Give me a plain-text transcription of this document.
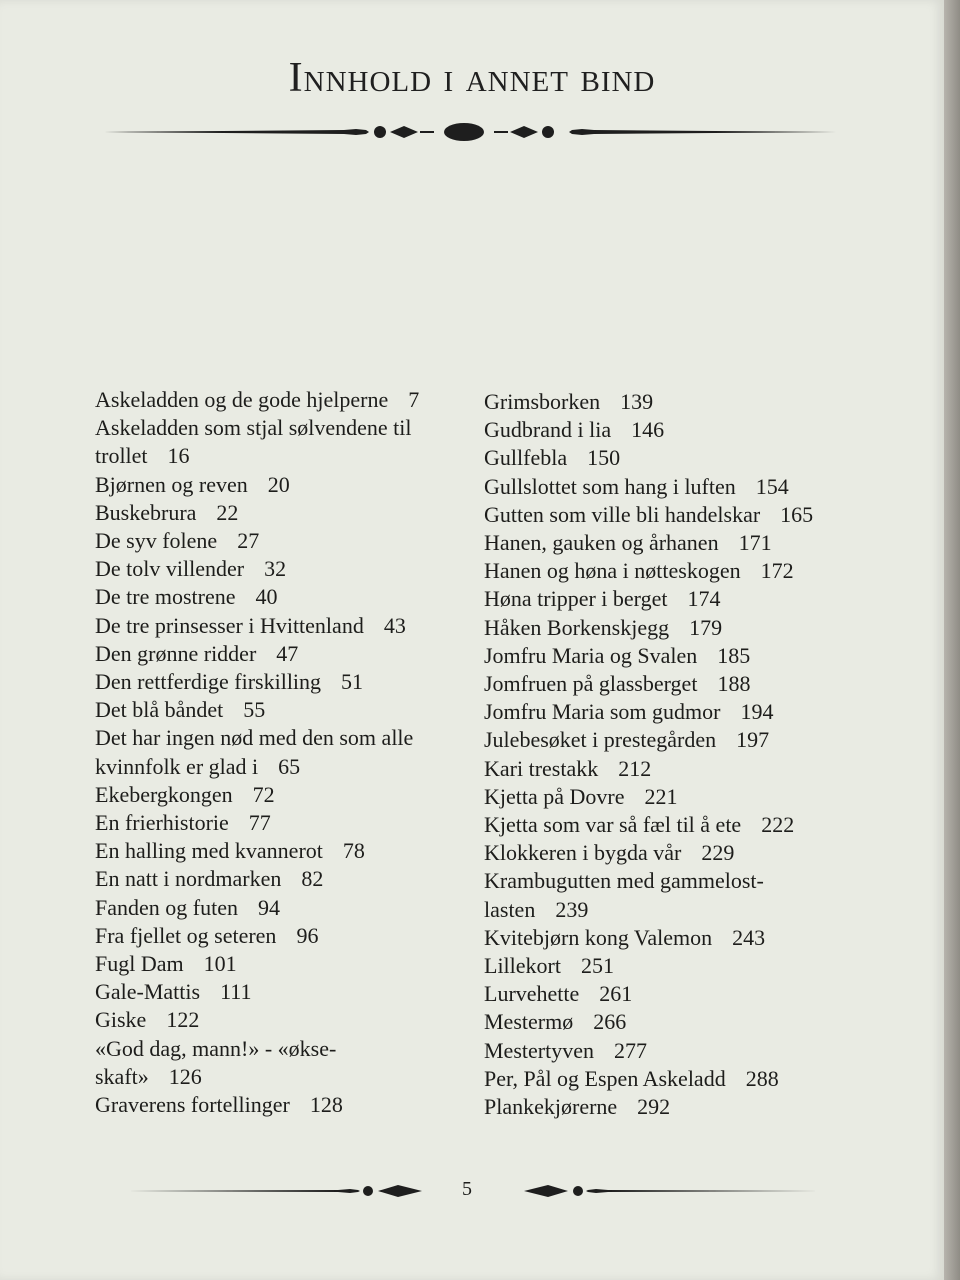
Innhold i annet bind
Askeladden og de gode hjelperne 7
Askeladden som stjal sølvendene til
trollet 16
Bjørnen og reven 20
Buskebrura 22
De syv folene 27
De tolv villender 32
De tre mostrene 40
De tre prinsesser i Hvittenland 43
Den grønne ridder 47
Den rettferdige firskilling 51
Det blå båndet 55
Det har ingen nød med den som alle
kvinnfolk er glad i 65
Ekebergkongen 72
En frierhistorie 77
En halling med kvannerot 78
En natt i nordmarken 82
Fanden og futen 94
Fra fjellet og seteren 96
Fugl Dam 101
Gale-Mattis 111
Giske 122
«God dag, mann!» - «økse-
skaft» 126
Graverens fortellinger 128
Grimsborken 139
Gudbrand i lia 146
Gullfebla 150
Gullslottet som hang i luften 154
Gutten som ville bli handelskar 165
Hanen, gauken og århanen 171
Hanen og høna i nøtteskogen 172
Høna tripper i berget 174
Håken Borkenskjegg 179
Jomfru Maria og Svalen 185
Jomfruen på glassberget 188
Jomfru Maria som gudmor 194
Julebesøket i prestegården 197
Kari trestakk 212
Kjetta på Dovre 221
Kjetta som var så fæl til å ete 222
Klokkeren i bygda vår 229
Krambugutten med gammelost-
lasten 239
Kvitebjørn kong Valemon 243
Lillekort 251
Lurvehette 261
Mestermø 266
Mestertyven 277
Per, Pål og Espen Askeladd 288
Plankekjørerne 292
5
